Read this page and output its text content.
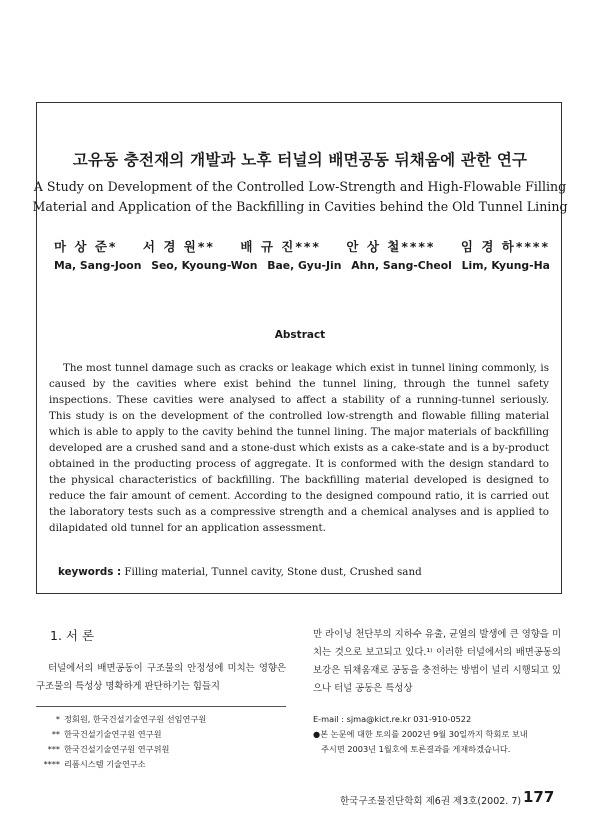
고유동 충전재의 개발과 노후 터널의 배면공동 뒤채움에 관한 연구
A Study on Development of the Controlled Low-Strength and High-Flowable Filling
Material and Application of the Backfilling in Cavities behind the Old Tunnel Lining
마 상 준* 서 경 원** 배 규 진*** 안 상 철**** 임 경 하****
Ma, Sang-Joon Seo, Kyoung-Won Bae, Gyu-Jin Ahn, Sang-Cheol Lim, Kyung-Ha
Abstract

The most tunnel damage such as cracks or leakage which exist in tunnel lining commonly, is caused by the cavities where exist behind the tunnel lining, through the tunnel safety inspections. These cavities were analysed to affect a stability of a running-tunnel seriously. This study is on the development of the controlled low-strength and flowable filling material which is able to apply to the cavity behind the tunnel lining. The major materials of backfilling developed are a crushed sand and a stone-dust which exists as a cake-state and is a by-product obtained in the producting process of aggregate. It is conformed with the design standard to the physical characteristics of backfilling. The backfilling material developed is designed to reduce the fair amount of cement. According to the designed compound ratio, it is carried out the laboratory tests such as a compressive strength and a chemical analyses and is applied to dilapidated old tunnel for an application assessment.

keywords : Filling material, Tunnel cavity, Stone dust, Crushed sand
1. 서 론

터널에서의 배면공동이 구조물의 안정성에 미치는 영향은 구조물의 특성상 명확하게 판단하기는 힘들지

만 라이닝 천단부의 지하수 유출, 균열의 발생에 큰 영향을 미치는 것으로 보고되고 있다.¹⁾ 이러한 터널에서의 배면공동의 보강은 뒤채움재로 공동을 충전하는 방법이 널리 시행되고 있으나 터널 공동은 특성상

* 정회원, 한국건설기술연구원 선임연구원
** 한국건설기술연구원 연구원
*** 한국건설기술연구원 연구위원
**** 리폼시스템 기술연구소
E-mail : sjma@kict.re.kr 031-910-0522
●본 논문에 대한 토의를 2002년 9월 30일까지 학회로 보내
주시면 2003년 1월호에 토론결과를 게재하겠습니다.
한국구조물진단학회 제6권 제3호(2002. 7) 177
